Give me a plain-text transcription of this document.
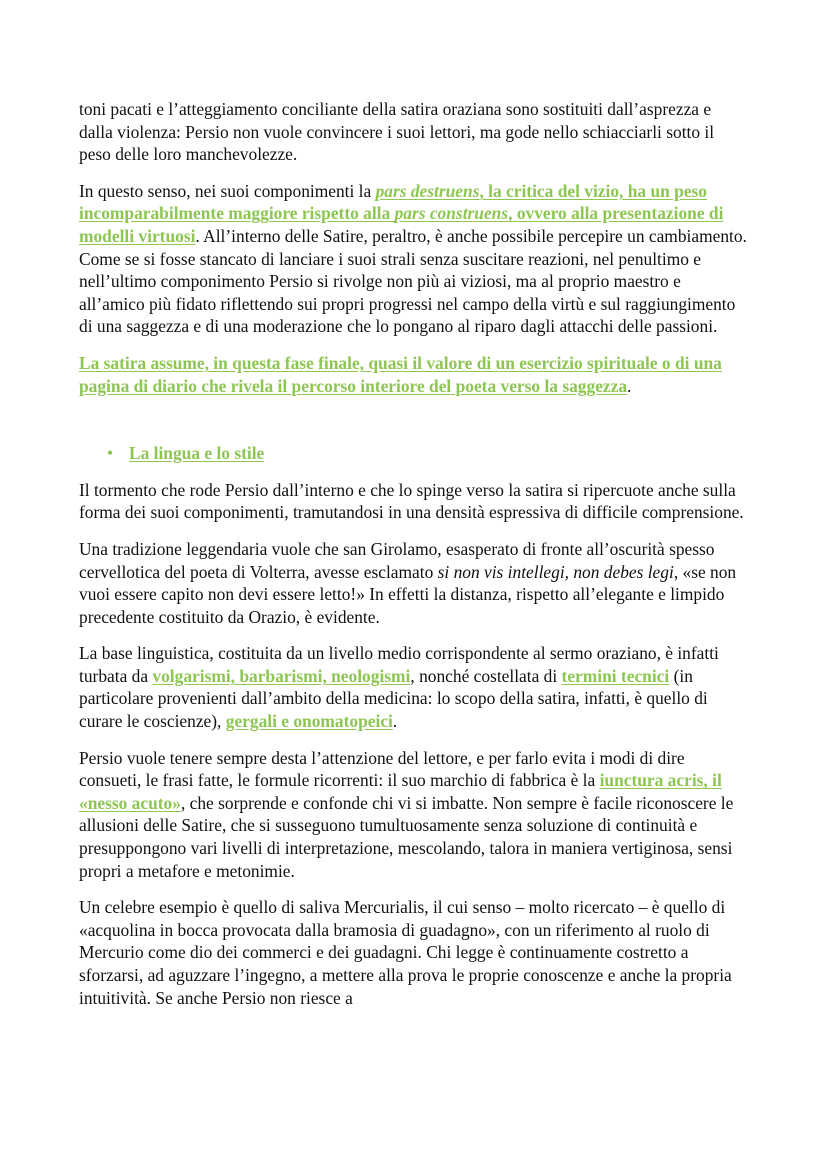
toni pacati e l’atteggiamento conciliante della satira oraziana sono sostituiti dall’asprezza e dalla violenza: Persio non vuole convincere i suoi lettori, ma gode nello schiacciarli sotto il peso delle loro manchevolezze.

In questo senso, nei suoi componimenti la pars destruens, la critica del vizio, ha un peso incomparabilmente maggiore rispetto alla pars construens, ovvero alla presentazione di modelli virtuosi. All’interno delle Satire, peraltro, è anche possibile percepire un cambiamento. Come se si fosse stancato di lanciare i suoi strali senza suscitare reazioni, nel penultimo e nell’ultimo componimento Persio si rivolge non più ai viziosi, ma al proprio maestro e all’amico più fidato riflettendo sui propri progressi nel campo della virtù e sul raggiungimento di una saggezza e di una moderazione che lo pongano al riparo dagli attacchi delle passioni.

La satira assume, in questa fase finale, quasi il valore di un esercizio spirituale o di una pagina di diario che rivela il percorso interiore del poeta verso la saggezza.

• La lingua e lo stile

Il tormento che rode Persio dall’interno e che lo spinge verso la satira si ripercuote anche sulla forma dei suoi componimenti, tramutandosi in una densità espressiva di difficile comprensione.

Una tradizione leggendaria vuole che san Girolamo, esasperato di fronte all’oscurità spesso cervellotica del poeta di Volterra, avesse esclamato si non vis intellegi, non debes legi, «se non vuoi essere capito non devi essere letto!» In effetti la distanza, rispetto all’elegante e limpido precedente costituito da Orazio, è evidente.

La base linguistica, costituita da un livello medio corrispondente al sermo oraziano, è infatti turbata da volgarismi, barbarismi, neologismi, nonché costellata di termini tecnici (in particolare provenienti dall’ambito della medicina: lo scopo della satira, infatti, è quello di curare le coscienze), gergali e onomatopeici.

Persio vuole tenere sempre desta l’attenzione del lettore, e per farlo evita i modi di dire consueti, le frasi fatte, le formule ricorrenti: il suo marchio di fabbrica è la iunctura acris, il «nesso acuto», che sorprende e confonde chi vi si imbatte. Non sempre è facile riconoscere le allusioni delle Satire, che si susseguono tumultuosamente senza soluzione di continuità e presuppongono vari livelli di interpretazione, mescolando, talora in maniera vertiginosa, sensi propri a metafore e metonimie.

Un celebre esempio è quello di saliva Mercurialis, il cui senso – molto ricercato – è quello di «acquolina in bocca provocata dalla bramosia di guadagno», con un riferimento al ruolo di Mercurio come dio dei commerci e dei guadagni. Chi legge è continuamente costretto a sforzarsi, ad aguzzare l’ingegno, a mettere alla prova le proprie conoscenze e anche la propria intuitività. Se anche Persio non riesce a
